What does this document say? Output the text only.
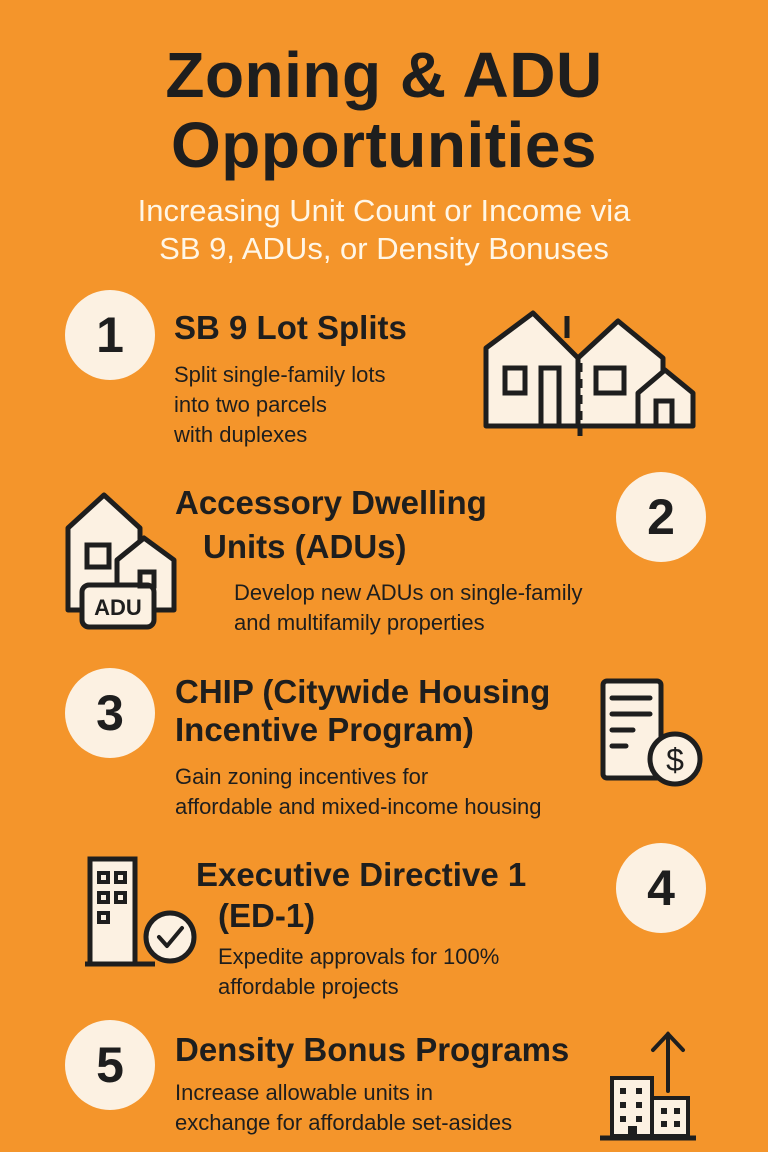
Zoning & ADU
Opportunities
Increasing Unit Count or Income via
SB 9, ADUs, or Density Bonuses
1	SB 9 Lot Splits
Split single-family lots
into two parcels
with duplexes
ADU
Accessory Dwelling
Units (ADUs)
Develop new ADUs on single-family
and multifamily properties
2
3	CHIP (Citywide Housing
Incentive Program)
Gain zoning incentives for
affordable and mixed-income housing
$
Executive Directive 1
(ED-1)
Expedite approvals for 100%
affordable projects
4
5	Density Bonus Programs
Increase allowable units in
exchange for affordable set-asides
